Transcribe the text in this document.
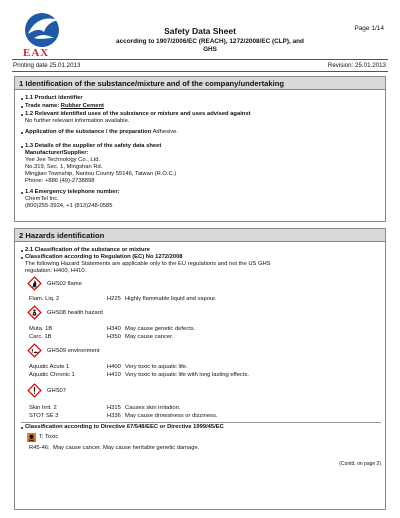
EAX
Page 1/14
Safety Data Sheet
according to 1907/2006/EC (REACH), 1272/2008/EC (CLP), and
GHS
Printing date 25.01.2013	Revision: 25.01.2013
1 Identification of the substance/mixture and of the company/undertaking
1.1 Product identifier
Trade name: Rubber Cement
1.2 Relevant identified uses of the substance or mixture and uses advised against
No further relevant information available.
Application of the substance / the preparation Adhesive.
1.3 Details of the supplier of the safety data sheet
Manufacturer/Supplier:
Yee Jee Technology Co., Ltd.
No.319, Sec. 1, Mingshan Rd.
Mingjian Township, Nantou County 55146, Taiwan (R.O.C.)
Phone: +886 (49)-2738898
1.4 Emergency telephone number:
ChemTel Inc.
(800)255-3924, +1 (813)248-0585
2 Hazards identification
2.1 Classification of the substance or mixture
Classification according to Regulation (EC) No 1272/2008
The following Hazard Statements are applicable only to the EU regulations and not the US GHS
regulation: H400, H410.
GHS02 flame
Flam. Liq. 2	H225 Highly flammable liquid and vapour.
GHS08 health hazard
Muta. 1B	H340 May cause genetic defects.
Carc. 1B	H350 May cause cancer.
GHS09 environment
Aquatic Acute 1	H400 Very toxic to aquatic life.
Aquatic Chronic 1	H410 Very toxic to aquatic life with long lasting effects.
GHS07
Skin Irrit. 2	H315 Causes skin irritation.
STOT SE 3	H336 May cause drowsiness or dizziness.
Classification according to Directive 67/548/EEC or Directive 1999/45/EC
T; Toxic
R45-46: May cause cancer. May cause heritable genetic damage.
(Contd. on page 2)
